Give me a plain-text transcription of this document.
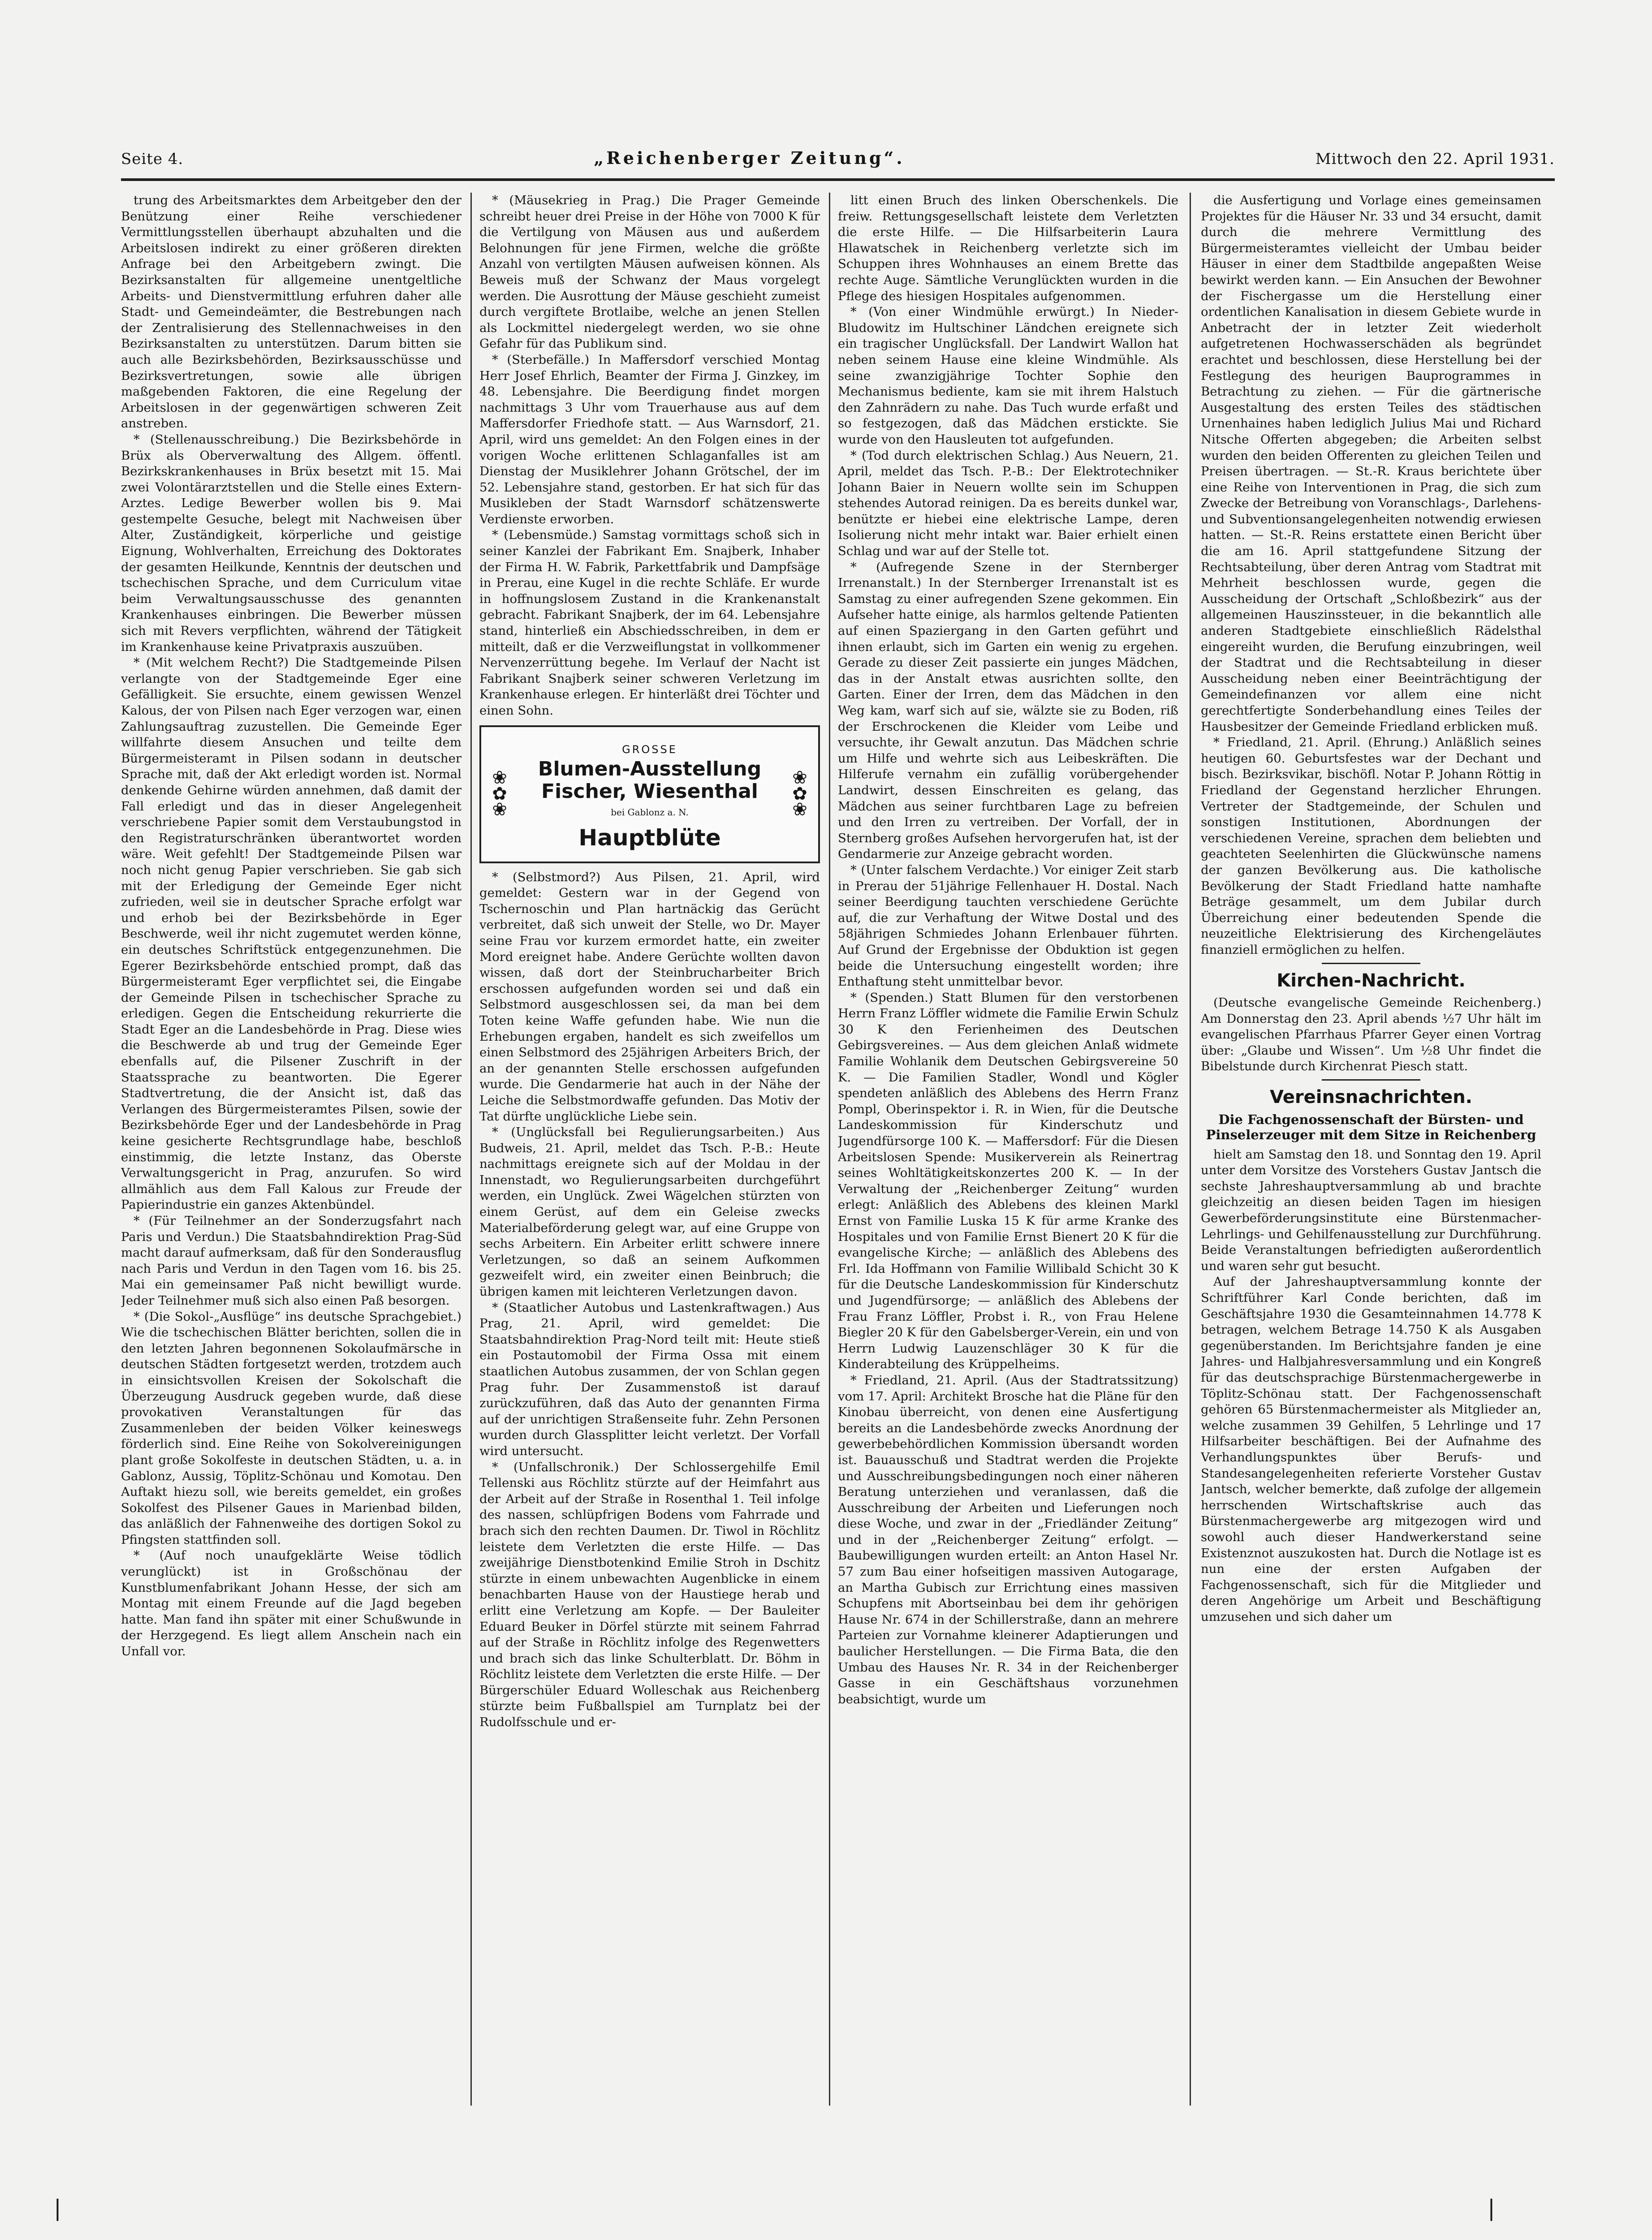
Seite 4.	„Reichenberger Zeitung“.	Mittwoch den 22. April 1931.

trung des Arbeitsmarktes dem Arbeitgeber den der Benützung einer Reihe verschiedener Vermittlungsstellen überhaupt abzuhalten und die Arbeitslosen indirekt zu einer größeren direkten Anfrage bei den Arbeitgebern zwingt. Die Bezirksanstalten für allgemeine unentgeltliche Arbeits- und Dienstvermittlung erfuhren daher alle Stadt- und Gemeindeämter, die Bestrebungen nach der Zentralisierung des Stellennachweises in den Bezirksanstalten zu unterstützen. Darum bitten sie auch alle Bezirksbehörden, Bezirksausschüsse und Bezirksvertretungen, sowie alle übrigen maßgebenden Faktoren, die eine Regelung der Arbeitslosen in der gegenwärtigen schweren Zeit anstreben.

* (Stellenausschreibung.) Die Bezirksbehörde in Brüx als Oberverwaltung des Allgem. öffentl. Bezirkskrankenhauses in Brüx besetzt mit 15. Mai zwei Volontärarztstellen und die Stelle eines Extern-Arztes. Ledige Bewerber wollen bis 9. Mai gestempelte Gesuche, belegt mit Nachweisen über Alter, Zuständigkeit, körperliche und geistige Eignung, Wohlverhalten, Erreichung des Doktorates der gesamten Heilkunde, Kenntnis der deutschen und tschechischen Sprache, und dem Curriculum vitae beim Verwaltungsausschusse des genannten Krankenhauses einbringen. Die Bewerber müssen sich mit Revers verpflichten, während der Tätigkeit im Krankenhause keine Privatpraxis auszuüben.

* (Mit welchem Recht?) Die Stadtgemeinde Pilsen verlangte von der Stadtgemeinde Eger eine Gefälligkeit. Sie ersuchte, einem gewissen Wenzel Kalous, der von Pilsen nach Eger verzogen war, einen Zahlungsauftrag zuzustellen. Die Gemeinde Eger willfahrte diesem Ansuchen und teilte dem Bürgermeisteramt in Pilsen sodann in deutscher Sprache mit, daß der Akt erledigt worden ist. Normal denkende Gehirne würden annehmen, daß damit der Fall erledigt und das in dieser Angelegenheit verschriebene Papier somit dem Verstaubungstod in den Registraturschränken überantwortet worden wäre. Weit gefehlt! Der Stadtgemeinde Pilsen war noch nicht genug Papier verschrieben. Sie gab sich mit der Erledigung der Gemeinde Eger nicht zufrieden, weil sie in deutscher Sprache erfolgt war und erhob bei der Bezirksbehörde in Eger Beschwerde, weil ihr nicht zugemutet werden könne, ein deutsches Schriftstück entgegenzunehmen. Die Egerer Bezirksbehörde entschied prompt, daß das Bürgermeisteramt Eger verpflichtet sei, die Eingabe der Gemeinde Pilsen in tschechischer Sprache zu erledigen. Gegen die Entscheidung rekurrierte die Stadt Eger an die Landesbehörde in Prag. Diese wies die Beschwerde ab und trug der Gemeinde Eger ebenfalls auf, die Pilsener Zuschrift in der Staatssprache zu beantworten. Die Egerer Stadtvertretung, die der Ansicht ist, daß das Verlangen des Bürgermeisteramtes Pilsen, sowie der Bezirksbehörde Eger und der Landesbehörde in Prag keine gesicherte Rechtsgrundlage habe, beschloß einstimmig, die letzte Instanz, das Oberste Verwaltungsgericht in Prag, anzurufen. So wird allmählich aus dem Fall Kalous zur Freude der Papierindustrie ein ganzes Aktenbündel.

* (Für Teilnehmer an der Sonderzugsfahrt nach Paris und Verdun.) Die Staatsbahndirektion Prag-Süd macht darauf aufmerksam, daß für den Sonderausflug nach Paris und Verdun in den Tagen vom 16. bis 25. Mai ein gemeinsamer Paß nicht bewilligt wurde. Jeder Teilnehmer muß sich also einen Paß besorgen.

* (Die Sokol-„Ausflüge“ ins deutsche Sprachgebiet.) Wie die tschechischen Blätter berichten, sollen die in den letzten Jahren begonnenen Sokolaufmärsche in deutschen Städten fortgesetzt werden, trotzdem auch in einsichtsvollen Kreisen der Sokolschaft die Überzeugung Ausdruck gegeben wurde, daß diese provokativen Veranstaltungen für das Zusammenleben der beiden Völker keineswegs förderlich sind. Eine Reihe von Sokolvereinigungen plant große Sokolfeste in deutschen Städten, u. a. in Gablonz, Aussig, Töplitz-Schönau und Komotau. Den Auftakt hiezu soll, wie bereits gemeldet, ein großes Sokolfest des Pilsener Gaues in Marienbad bilden, das anläßlich der Fahnenweihe des dortigen Sokol zu Pfingsten stattfinden soll.

* (Auf noch unaufgeklärte Weise tödlich verunglückt) ist in Großschönau der Kunstblumenfabrikant Johann Hesse, der sich am Montag mit einem Freunde auf die Jagd begeben hatte. Man fand ihn später mit einer Schußwunde in der Herzgegend. Es liegt allem Anschein nach ein Unfall vor.

* (Mäusekrieg in Prag.) Die Prager Gemeinde schreibt heuer drei Preise in der Höhe von 7000 K für die Vertilgung von Mäusen aus und außerdem Belohnungen für jene Firmen, welche die größte Anzahl von vertilgten Mäusen aufweisen können. Als Beweis muß der Schwanz der Maus vorgelegt werden. Die Ausrottung der Mäuse geschieht zumeist durch vergiftete Brotlaibe, welche an jenen Stellen als Lockmittel niedergelegt werden, wo sie ohne Gefahr für das Publikum sind.

* (Sterbefälle.) In Maffersdorf verschied Montag Herr Josef Ehrlich, Beamter der Firma J. Ginzkey, im 48. Lebensjahre. Die Beerdigung findet morgen nachmittags 3 Uhr vom Trauerhause aus auf dem Maffersdorfer Friedhofe statt. — Aus Warnsdorf, 21. April, wird uns gemeldet: An den Folgen eines in der vorigen Woche erlittenen Schlaganfalles ist am Dienstag der Musiklehrer Johann Grötschel, der im 52. Lebensjahre stand, gestorben. Er hat sich für das Musikleben der Stadt Warnsdorf schätzenswerte Verdienste erworben.

* (Lebensmüde.) Samstag vormittags schoß sich in seiner Kanzlei der Fabrikant Em. Snajberk, Inhaber der Firma H. W. Fabrik, Parkettfabrik und Dampfsäge in Prerau, eine Kugel in die rechte Schläfe. Er wurde in hoffnungslosem Zustand in die Krankenanstalt gebracht. Fabrikant Snajberk, der im 64. Lebensjahre stand, hinterließ ein Abschiedsschreiben, in dem er mitteilt, daß er die Verzweiflungstat in vollkommener Nervenzerrüttung begehe. Im Verlauf der Nacht ist Fabrikant Snajberk seiner schweren Verletzung im Krankenhause erlegen. Er hinterläßt drei Töchter und einen Sohn.

❀
✿
❀
❀
✿
❀
GROSSE
Blumen-Ausstellung
Fischer, Wiesenthal
bei Gablonz a. N.
Hauptblüte

* (Selbstmord?) Aus Pilsen, 21. April, wird gemeldet: Gestern war in der Gegend von Tschernoschin und Plan hartnäckig das Gerücht verbreitet, daß sich unweit der Stelle, wo Dr. Mayer seine Frau vor kurzem ermordet hatte, ein zweiter Mord ereignet habe. Andere Gerüchte wollten davon wissen, daß dort der Steinbrucharbeiter Brich erschossen aufgefunden worden sei und daß ein Selbstmord ausgeschlossen sei, da man bei dem Toten keine Waffe gefunden habe. Wie nun die Erhebungen ergaben, handelt es sich zweifellos um einen Selbstmord des 25jährigen Arbeiters Brich, der an der genannten Stelle erschossen aufgefunden wurde. Die Gendarmerie hat auch in der Nähe der Leiche die Selbstmordwaffe gefunden. Das Motiv der Tat dürfte unglückliche Liebe sein.

* (Unglücksfall bei Regulierungsarbeiten.) Aus Budweis, 21. April, meldet das Tsch. P.-B.: Heute nachmittags ereignete sich auf der Moldau in der Innenstadt, wo Regulierungsarbeiten durchgeführt werden, ein Unglück. Zwei Wägelchen stürzten von einem Gerüst, auf dem ein Geleise zwecks Materialbeförderung gelegt war, auf eine Gruppe von sechs Arbeitern. Ein Arbeiter erlitt schwere innere Verletzungen, so daß an seinem Aufkommen gezweifelt wird, ein zweiter einen Beinbruch; die übrigen kamen mit leichteren Verletzungen davon.

* (Staatlicher Autobus und Lastenkraftwagen.) Aus Prag, 21. April, wird gemeldet: Die Staatsbahndirektion Prag-Nord teilt mit: Heute stieß ein Postautomobil der Firma Ossa mit einem staatlichen Autobus zusammen, der von Schlan gegen Prag fuhr. Der Zusammenstoß ist darauf zurückzuführen, daß das Auto der genannten Firma auf der unrichtigen Straßenseite fuhr. Zehn Personen wurden durch Glassplitter leicht verletzt. Der Vorfall wird untersucht.

* (Unfallschronik.) Der Schlossergehilfe Emil Tellenski aus Röchlitz stürzte auf der Heimfahrt aus der Arbeit auf der Straße in Rosenthal 1. Teil infolge des nassen, schlüpfrigen Bodens vom Fahrrade und brach sich den rechten Daumen. Dr. Tiwol in Röchlitz leistete dem Verletzten die erste Hilfe. — Das zweijährige Dienstbotenkind Emilie Stroh in Dschitz stürzte in einem unbewachten Augenblicke in einem benachbarten Hause von der Haustiege herab und erlitt eine Verletzung am Kopfe. — Der Bauleiter Eduard Beuker in Dörfel stürzte mit seinem Fahrrad auf der Straße in Röchlitz infolge des Regenwetters und brach sich das linke Schulterblatt. Dr. Böhm in Röchlitz leistete dem Verletzten die erste Hilfe. — Der Bürgerschüler Eduard Wolleschak aus Reichenberg stürzte beim Fußballspiel am Turnplatz bei der Rudolfsschule und er-

litt einen Bruch des linken Oberschenkels. Die freiw. Rettungsgesellschaft leistete dem Verletzten die erste Hilfe. — Die Hilfsarbeiterin Laura Hlawatschek in Reichenberg verletzte sich im Schuppen ihres Wohnhauses an einem Brette das rechte Auge. Sämtliche Verunglückten wurden in die Pflege des hiesigen Hospitales aufgenommen.

* (Von einer Windmühle erwürgt.) In Nieder-Bludowitz im Hultschiner Ländchen ereignete sich ein tragischer Unglücksfall. Der Landwirt Wallon hat neben seinem Hause eine kleine Windmühle. Als seine zwanzigjährige Tochter Sophie den Mechanismus bediente, kam sie mit ihrem Halstuch den Zahnrädern zu nahe. Das Tuch wurde erfaßt und so festgezogen, daß das Mädchen erstickte. Sie wurde von den Hausleuten tot aufgefunden.

* (Tod durch elektrischen Schlag.) Aus Neuern, 21. April, meldet das Tsch. P.-B.: Der Elektrotechniker Johann Baier in Neuern wollte sein im Schuppen stehendes Autorad reinigen. Da es bereits dunkel war, benützte er hiebei eine elektrische Lampe, deren Isolierung nicht mehr intakt war. Baier erhielt einen Schlag und war auf der Stelle tot.

* (Aufregende Szene in der Sternberger Irrenanstalt.) In der Sternberger Irrenanstalt ist es Samstag zu einer aufregenden Szene gekommen. Ein Aufseher hatte einige, als harmlos geltende Patienten auf einen Spaziergang in den Garten geführt und ihnen erlaubt, sich im Garten ein wenig zu ergehen. Gerade zu dieser Zeit passierte ein junges Mädchen, das in der Anstalt etwas ausrichten sollte, den Garten. Einer der Irren, dem das Mädchen in den Weg kam, warf sich auf sie, wälzte sie zu Boden, riß der Erschrockenen die Kleider vom Leibe und versuchte, ihr Gewalt anzutun. Das Mädchen schrie um Hilfe und wehrte sich aus Leibeskräften. Die Hilferufe vernahm ein zufällig vorübergehender Landwirt, dessen Einschreiten es gelang, das Mädchen aus seiner furchtbaren Lage zu befreien und den Irren zu vertreiben. Der Vorfall, der in Sternberg großes Aufsehen hervorgerufen hat, ist der Gendarmerie zur Anzeige gebracht worden.

* (Unter falschem Verdachte.) Vor einiger Zeit starb in Prerau der 51jährige Fellenhauer H. Dostal. Nach seiner Beerdigung tauchten verschiedene Gerüchte auf, die zur Verhaftung der Witwe Dostal und des 58jährigen Schmiedes Johann Erlenbauer führten. Auf Grund der Ergebnisse der Obduktion ist gegen beide die Untersuchung eingestellt worden; ihre Enthaftung steht unmittelbar bevor.

* (Spenden.) Statt Blumen für den verstorbenen Herrn Franz Löffler widmete die Familie Erwin Schulz 30 K den Ferienheimen des Deutschen Gebirgsvereines. — Aus dem gleichen Anlaß widmete Familie Wohlanik dem Deutschen Gebirgsvereine 50 K. — Die Familien Stadler, Wondl und Kögler spendeten anläßlich des Ablebens des Herrn Franz Pompl, Oberinspektor i. R. in Wien, für die Deutsche Landeskommission für Kinderschutz und Jugendfürsorge 100 K. — Maffersdorf: Für die Diesen Arbeitslosen Spende: Musikerverein als Reinertrag seines Wohltätigkeitskonzertes 200 K. — In der Verwaltung der „Reichenberger Zeitung“ wurden erlegt: Anläßlich des Ablebens des kleinen Markl Ernst von Familie Luska 15 K für arme Kranke des Hospitales und von Familie Ernst Bienert 20 K für die evangelische Kirche; — anläßlich des Ablebens des Frl. Ida Hoffmann von Familie Willibald Schicht 30 K für die Deutsche Landeskommission für Kinderschutz und Jugendfürsorge; — anläßlich des Ablebens der Frau Franz Löffler, Probst i. R., von Frau Helene Biegler 20 K für den Gabelsberger-Verein, ein und von Herrn Ludwig Lauzenschläger 30 K für die Kinderabteilung des Krüppelheims.

* Friedland, 21. April. (Aus der Stadtratssitzung) vom 17. April: Architekt Brosche hat die Pläne für den Kinobau überreicht, von denen eine Ausfertigung bereits an die Landesbehörde zwecks Anordnung der gewerbebehördlichen Kommission übersandt worden ist. Bauausschuß und Stadtrat werden die Projekte und Ausschreibungsbedingungen noch einer näheren Beratung unterziehen und veranlassen, daß die Ausschreibung der Arbeiten und Lieferungen noch diese Woche, und zwar in der „Friedländer Zeitung“ und in der „Reichenberger Zeitung“ erfolgt. — Baubewilligungen wurden erteilt: an Anton Hasel Nr. 57 zum Bau einer hofseitigen massiven Autogarage, an Martha Gubisch zur Errichtung eines massiven Schupfens mit Abortseinbau bei dem ihr gehörigen Hause Nr. 674 in der Schillerstraße, dann an mehrere Parteien zur Vornahme kleinerer Adaptierungen und baulicher Herstellungen. — Die Firma Bata, die den Umbau des Hauses Nr. R. 34 in der Reichenberger Gasse in ein Geschäftshaus vorzunehmen beabsichtigt, wurde um

die Ausfertigung und Vorlage eines gemeinsamen Projektes für die Häuser Nr. 33 und 34 ersucht, damit durch die mehrere Vermittlung des Bürgermeisteramtes vielleicht der Umbau beider Häuser in einer dem Stadtbilde angepaßten Weise bewirkt werden kann. — Ein Ansuchen der Bewohner der Fischergasse um die Herstellung einer ordentlichen Kanalisation in diesem Gebiete wurde in Anbetracht der in letzter Zeit wiederholt aufgetretenen Hochwasserschäden als begründet erachtet und beschlossen, diese Herstellung bei der Festlegung des heurigen Bauprogrammes in Betrachtung zu ziehen. — Für die gärtnerische Ausgestaltung des ersten Teiles des städtischen Urnenhaines haben lediglich Julius Mai und Richard Nitsche Offerten abgegeben; die Arbeiten selbst wurden den beiden Offerenten zu gleichen Teilen und Preisen übertragen. — St.-R. Kraus berichtete über eine Reihe von Interventionen in Prag, die sich zum Zwecke der Betreibung von Voranschlags-, Darlehens- und Subventionsangelegenheiten notwendig erwiesen hatten. — St.-R. Reins erstattete einen Bericht über die am 16. April stattgefundene Sitzung der Rechtsabteilung, über deren Antrag vom Stadtrat mit Mehrheit beschlossen wurde, gegen die Ausscheidung der Ortschaft „Schloßbezirk“ aus der allgemeinen Hauszinssteuer, in die bekanntlich alle anderen Stadtgebiete einschließlich Rädelsthal eingereiht wurden, die Berufung einzubringen, weil der Stadtrat und die Rechtsabteilung in dieser Ausscheidung neben einer Beeinträchtigung der Gemeindefinanzen vor allem eine nicht gerechtfertigte Sonderbehandlung eines Teiles der Hausbesitzer der Gemeinde Friedland erblicken muß.

* Friedland, 21. April. (Ehrung.) Anläßlich seines heutigen 60. Geburtsfestes war der Dechant und bisch. Bezirksvikar, bischöfl. Notar P. Johann Röttig in Friedland der Gegenstand herzlicher Ehrungen. Vertreter der Stadtgemeinde, der Schulen und sonstigen Institutionen, Abordnungen der verschiedenen Vereine, sprachen dem beliebten und geachteten Seelenhirten die Glückwünsche namens der ganzen Bevölkerung aus. Die katholische Bevölkerung der Stadt Friedland hatte namhafte Beträge gesammelt, um dem Jubilar durch Überreichung einer bedeutenden Spende die neuzeitliche Elektrisierung des Kirchengeläutes finanziell ermöglichen zu helfen.

Kirchen-Nachricht.

(Deutsche evangelische Gemeinde Reichenberg.) Am Donnerstag den 23. April abends ½7 Uhr hält im evangelischen Pfarrhaus Pfarrer Geyer einen Vortrag über: „Glaube und Wissen“. Um ½8 Uhr findet die Bibelstunde durch Kirchenrat Piesch statt.

Vereinsnachrichten.
Die Fachgenossenschaft der Bürsten- und Pinselerzeuger mit dem Sitze in Reichenberg

hielt am Samstag den 18. und Sonntag den 19. April unter dem Vorsitze des Vorstehers Gustav Jantsch die sechste Jahreshauptversammlung ab und brachte gleichzeitig an diesen beiden Tagen im hiesigen Gewerbeförderungsinstitute eine Bürstenmacher-Lehrlings- und Gehilfenausstellung zur Durchführung. Beide Veranstaltungen befriedigten außerordentlich und waren sehr gut besucht.

Auf der Jahreshauptversammlung konnte der Schriftführer Karl Conde berichten, daß im Geschäftsjahre 1930 die Gesamteinnahmen 14.778 K betragen, welchem Betrage 14.750 K als Ausgaben gegenüberstanden. Im Berichtsjahre fanden je eine Jahres- und Halbjahresversammlung und ein Kongreß für das deutschsprachige Bürstenmachergewerbe in Töplitz-Schönau statt. Der Fachgenossenschaft gehören 65 Bürstenmachermeister als Mitglieder an, welche zusammen 39 Gehilfen, 5 Lehrlinge und 17 Hilfsarbeiter beschäftigen. Bei der Aufnahme des Verhandlungspunktes über Berufs- und Standesangelegenheiten referierte Vorsteher Gustav Jantsch, welcher bemerkte, daß zufolge der allgemein herrschenden Wirtschaftskrise auch das Bürstenmachergewerbe arg mitgezogen wird und sowohl auch dieser Handwerkerstand seine Existenznot auszukosten hat. Durch die Notlage ist es nun eine der ersten Aufgaben der Fachgenossenschaft, sich für die Mitglieder und deren Angehörige um Arbeit und Beschäftigung umzusehen und sich daher um

|	|
